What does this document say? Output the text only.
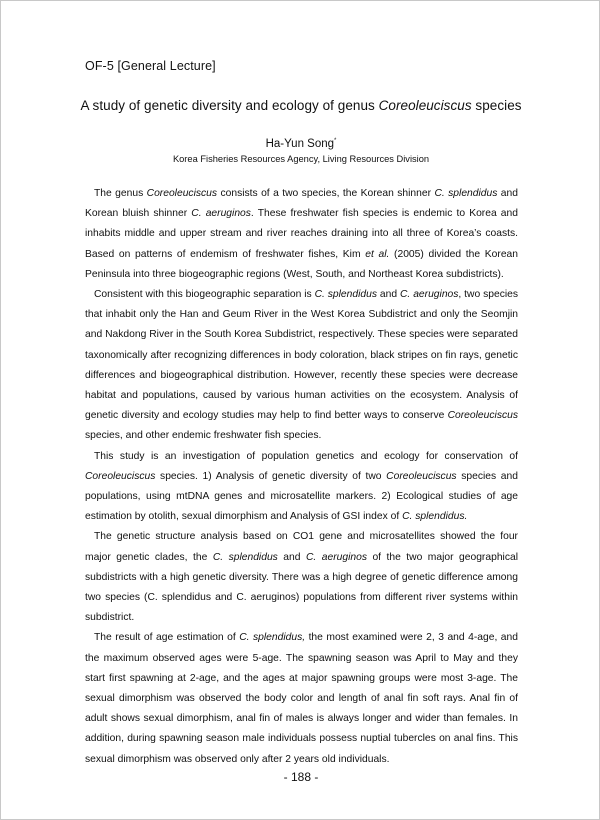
OF-5 [General Lecture]
A study of genetic diversity and ecology of genus Coreoleuciscus species
Ha-Yun Song*
Korea Fisheries Resources Agency, Living Resources Division

The genus Coreoleuciscus consists of a two species, the Korean shinner C. splendidus and Korean bluish shinner C. aeruginos. These freshwater fish species is endemic to Korea and inhabits middle and upper stream and river reaches draining into all three of Korea’s coasts. Based on patterns of endemism of freshwater fishes, Kim et al. (2005) divided the Korean Peninsula into three biogeographic regions (West, South, and Northeast Korea subdistricts).

Consistent with this biogeographic separation is C. splendidus and C. aeruginos, two species that inhabit only the Han and Geum River in the West Korea Subdistrict and only the Seomjin and Nakdong River in the South Korea Subdistrict, respectively. These species were separated taxonomically after recognizing differences in body coloration, black stripes on fin rays, genetic differences and biogeographical distribution. However, recently these species were decrease habitat and populations, caused by various human activities on the ecosystem. Analysis of genetic diversity and ecology studies may help to find better ways to conserve Coreoleuciscus species, and other endemic freshwater fish species.

This study is an investigation of population genetics and ecology for conservation of Coreoleuciscus species. 1) Analysis of genetic diversity of two Coreoleuciscus species and populations, using mtDNA genes and microsatellite markers. 2) Ecological studies of age estimation by otolith, sexual dimorphism and Analysis of GSI index of C. splendidus.

The genetic structure analysis based on CO1 gene and microsatellites showed the four major genetic clades, the C. splendidus and C. aeruginos of the two major geographical subdistricts with a high genetic diversity. There was a high degree of genetic difference among two species (C. splendidus and C. aeruginos) populations from different river systems within subdistrict.

The result of age estimation of C. splendidus, the most examined were 2, 3 and 4-age, and the maximum observed ages were 5-age. The spawning season was April to May and they start first spawning at 2-age, and the ages at major spawning groups were most 3-age. The sexual dimorphism was observed the body color and length of anal fin soft rays. Anal fin of adult shows sexual dimorphism, anal fin of males is always longer and wider than females. In addition, during spawning season male individuals possess nuptial tubercles on anal fins. This sexual dimorphism was observed only after 2 years old individuals.

- 188 -
